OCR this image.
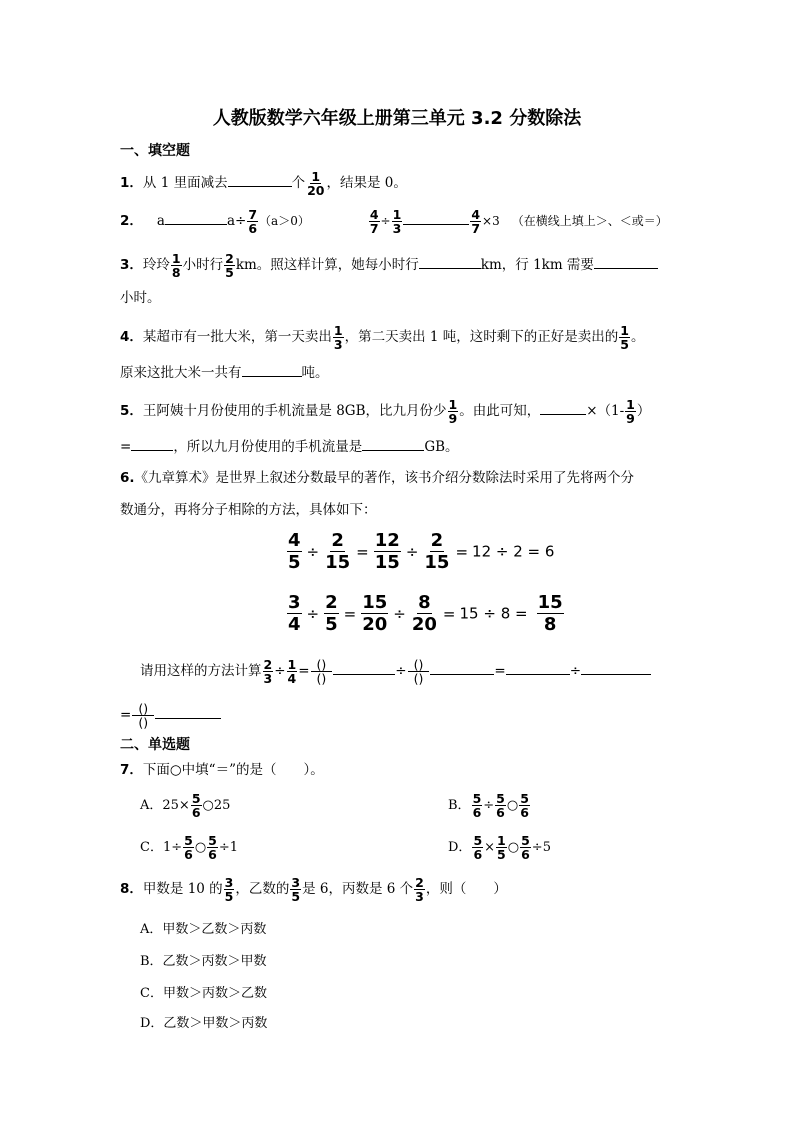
人教版数学六年级上册第三单元 3.2 分数除法
一、填空题
1．从 1 里面减去	个 $\frac{1}{20}$ ，结果是 0。
2． a	$a\div \frac{7}{6} (a>0)$	$\frac{4}{7} \div \frac{1}{3}$	$\frac{4}{7} \times 3$ （在横线上填上＞、＜或＝）
3．玲玲 $\frac{1}{8}$ 小时行 $\frac{2}{5}$ km。照这样计算，她每小时行	km，行 1km 需要
小时。
4．某超市有一批大米，第一天卖出 $\frac{1}{3}$ ，第二天卖出 1 吨，这时剩下的正好是卖出的 $\frac{1}{5}$ 。
原来这批大米一共有	吨。
5．王阿姨十月份使用的手机流量是 8GB，比九月份少 $\frac{1}{9}$ 。由此可知，	$\times(1- \frac{1}{9}$ ）
=	，所以九月份使用的手机流量是	GB。
6.《九章算术》是世界上叙述分数最早的著作，该书介绍分数除法时采用了先将两个分
数通分，再将分子相除的方法，具体如下：
$\frac{4}{5} \div \frac{2}{15} = \frac{12}{15} \div \frac{2}{15} = 12 \div 2 = 6$
$\frac{3}{4} \div \frac{2}{5} = \frac{15}{20} \div \frac{8}{20} = 15 \div 8 = \frac{15}{8}$
请用这样的方法计算 $\frac{2}{3} \div \frac{1}{4} = \frac{()}{()}$	÷ $\frac{()}{()}$	=	÷
= $\frac{()}{()}$
二、单选题
7．下面○中填“＝”的是（　　）。
A．$25\times \frac{5}{6}$ ○25	B． $\frac{5}{6} \div \frac{5}{6}$ ○ $\frac{5}{6}$
C．$1\div \frac{5}{6}$ ○ $\frac{5}{6} \div 1$	D． $\frac{5}{6} \times \frac{1}{5}$ ○ $\frac{5}{6} \div 5$
8．甲数是 10 的 $\frac{3}{5}$ ，乙数的 $\frac{3}{5}$ 是 6，丙数是 6 个 $\frac{2}{3}$ ，则（　　）
A．甲数＞乙数＞丙数
B．乙数＞丙数＞甲数
C．甲数＞丙数＞乙数
D．乙数＞甲数＞丙数
